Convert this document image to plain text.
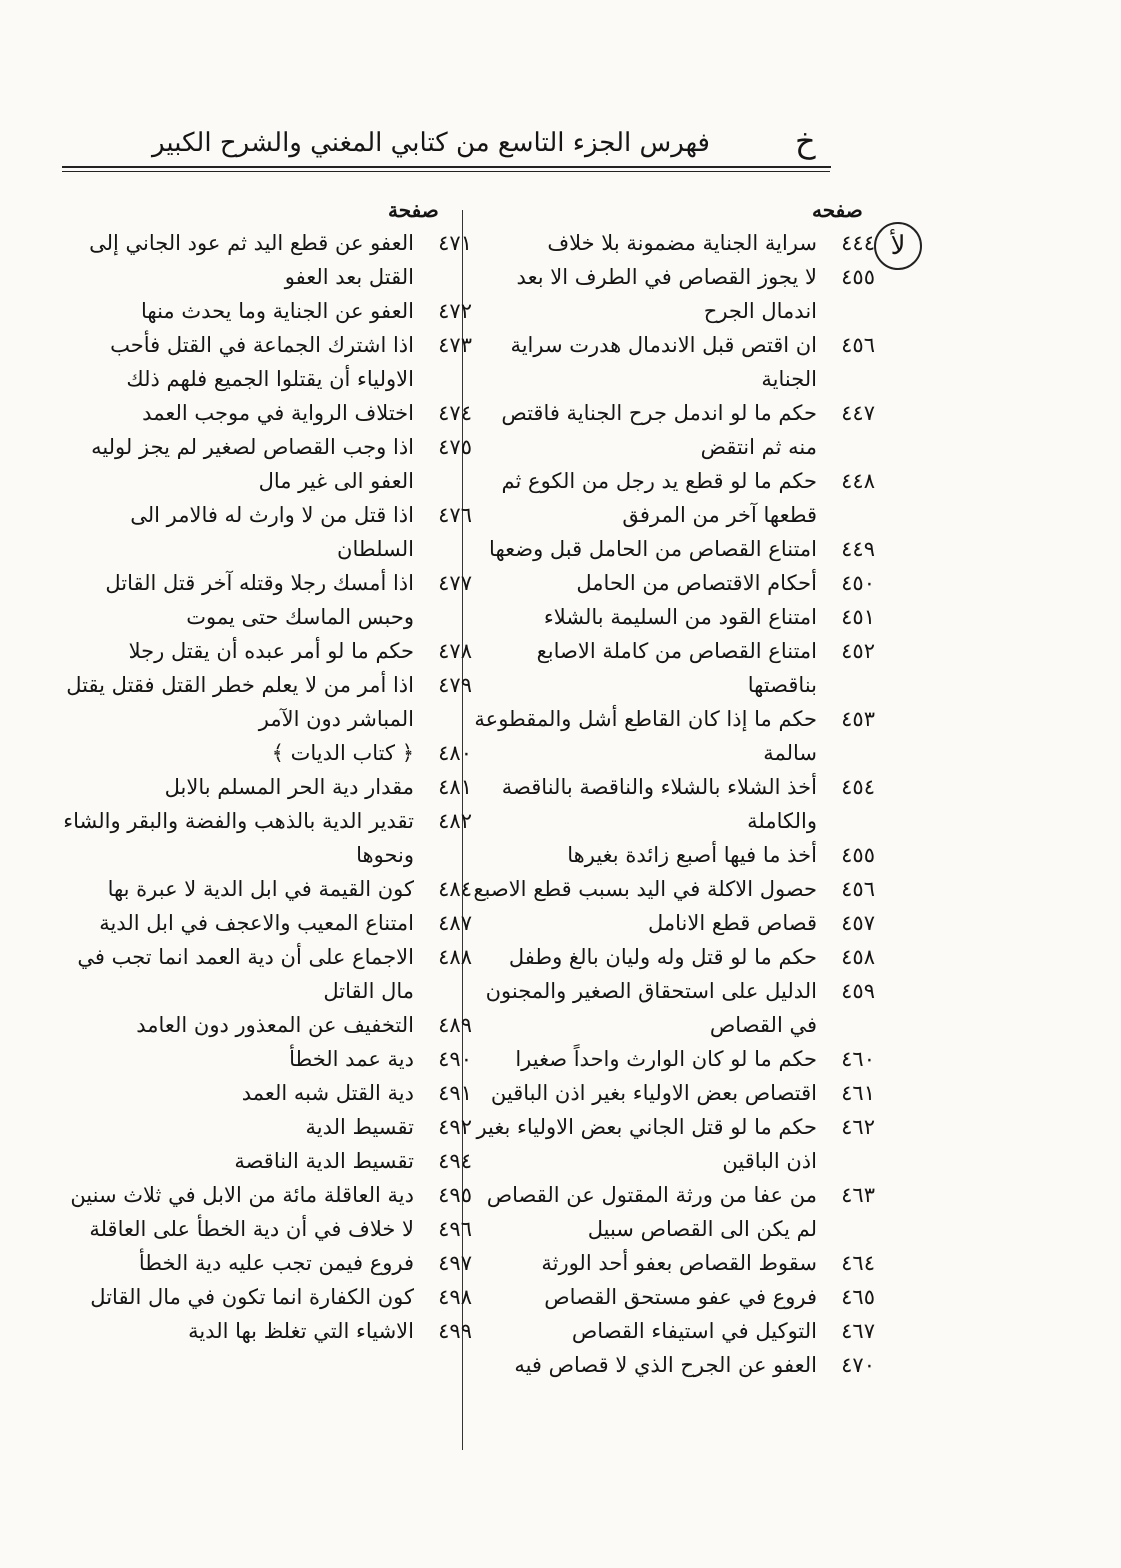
خ
فهرس الجزء التاسع من كتابي المغني والشرح الكبير
صفحه
صفحة
ﻷ
٤٤٤
سراية الجناية مضمونة بلا خلاف
٤٥٥
لا يجوز القصاص في الطرف الا بعد اندمال الجرح
٤٥٦
ان اقتص قبل الاندمال هدرت سراية الجناية
٤٤٧
حكم ما لو اندمل جرح الجناية فاقتص منه ثم انتقض
٤٤٨
حكم ما لو قطع يد رجل من الكوع ثم قطعها آخر من المرفق
٤٤٩
امتناع القصاص من الحامل قبل وضعها
٤٥٠
أحكام الاقتصاص من الحامل
٤٥١
امتناع القود من السليمة بالشلاء
٤٥٢
امتناع القصاص من كاملة الاصابع بناقصتها
٤٥٣
حكم ما إذا كان القاطع أشل والمقطوعة سالمة
٤٥٤
أخذ الشلاء بالشلاء والناقصة بالناقصة والكاملة
٤٥٥
أخذ ما فيها أصبع زائدة بغيرها
٤٥٦
حصول الاكلة في اليد بسبب قطع الاصبع
٤٥٧
قصاص قطع الانامل
٤٥٨
حكم ما لو قتل وله وليان بالغ وطفل
٤٥٩
الدليل على استحقاق الصغير والمجنون في القصاص
٤٦٠
حكم ما لو كان الوارث واحداً صغيرا
٤٦١
اقتصاص بعض الاولياء بغير اذن الباقين
٤٦٢
حكم ما لو قتل الجاني بعض الاولياء بغير اذن الباقين
٤٦٣
من عفا من ورثة المقتول عن القصاص لم يكن الى القصاص سبيل
٤٦٤
سقوط القصاص بعفو أحد الورثة
٤٦٥
فروع في عفو مستحق القصاص
٤٦٧
التوكيل في استيفاء القصاص
٤٧٠
العفو عن الجرح الذي لا قصاص فيه
٤٧١
العفو عن قطع اليد ثم عود الجاني إلى القتل بعد العفو
٤٧٢
العفو عن الجناية وما يحدث منها
٤٧٣
اذا اشترك الجماعة في القتل فأحب الاولياء أن يقتلوا الجميع فلهم ذلك
٤٧٤
اختلاف الرواية في موجب العمد
٤٧٥
اذا وجب القصاص لصغير لم يجز لوليه العفو الى غير مال
٤٧٦
اذا قتل من لا وارث له فالامر الى السلطان
٤٧٧
اذا أمسك رجلا وقتله آخر قتل القاتل وحبس الماسك حتى يموت
٤٧٨
حكم ما لو أمر عبده أن يقتل رجلا
٤٧٩
اذا أمر من لا يعلم خطر القتل فقتل يقتل المباشر دون الآمر
٤٨٠
﴿ كتاب الديات ﴾
٤٨١
مقدار دية الحر المسلم بالابل
٤٨٢
تقدير الدية بالذهب والفضة والبقر والشاء ونحوها
٤٨٤
كون القيمة في ابل الدية لا عبرة بها
٤٨٧
امتناع المعيب والاعجف في ابل الدية
٤٨٨
الاجماع على أن دية العمد انما تجب في مال القاتل
٤٨٩
التخفيف عن المعذور دون العامد
٤٩٠
دية عمد الخطأ
٤٩١
دية القتل شبه العمد
٤٩٢
تقسيط الدية
٤٩٤
تقسيط الدية الناقصة
٤٩٥
دية العاقلة مائة من الابل في ثلاث سنين
٤٩٦
لا خلاف في أن دية الخطأ على العاقلة
٤٩٧
فروع فيمن تجب عليه دية الخطأ
٤٩٨
كون الكفارة انما تكون في مال القاتل
٤٩٩
الاشياء التي تغلظ بها الدية
